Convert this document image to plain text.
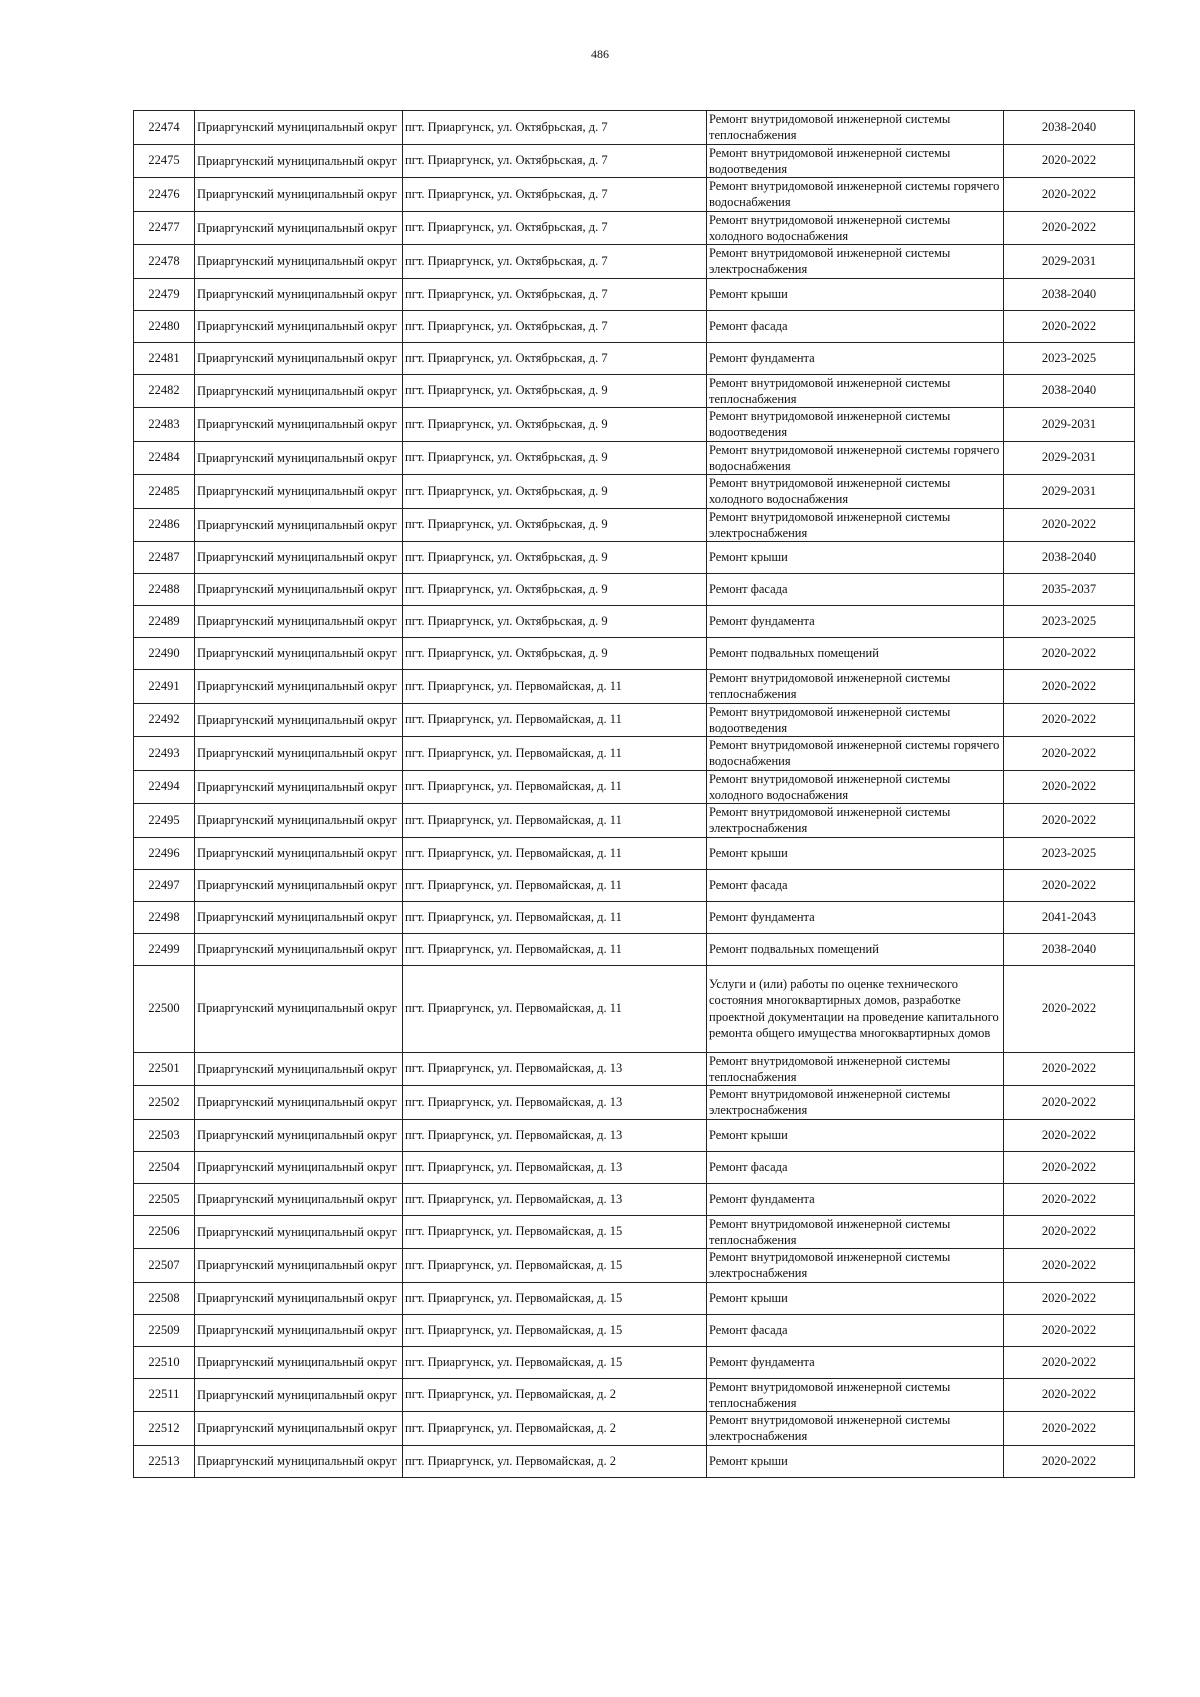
486
22474	Приаргунский муниципальный округ	пгт. Приаргунск, ул. Октябрьская, д. 7	Ремонт внутридомовой инженерной системы теплоснабжения	2038-2040
22475	Приаргунский муниципальный округ	пгт. Приаргунск, ул. Октябрьская, д. 7	Ремонт внутридомовой инженерной системы водоотведения	2020-2022
22476	Приаргунский муниципальный округ	пгт. Приаргунск, ул. Октябрьская, д. 7	Ремонт внутридомовой инженерной системы горячего водоснабжения	2020-2022
22477	Приаргунский муниципальный округ	пгт. Приаргунск, ул. Октябрьская, д. 7	Ремонт внутридомовой инженерной системы холодного водоснабжения	2020-2022
22478	Приаргунский муниципальный округ	пгт. Приаргунск, ул. Октябрьская, д. 7	Ремонт внутридомовой инженерной системы электроснабжения	2029-2031
22479	Приаргунский муниципальный округ	пгт. Приаргунск, ул. Октябрьская, д. 7	Ремонт крыши	2038-2040
22480	Приаргунский муниципальный округ	пгт. Приаргунск, ул. Октябрьская, д. 7	Ремонт фасада	2020-2022
22481	Приаргунский муниципальный округ	пгт. Приаргунск, ул. Октябрьская, д. 7	Ремонт фундамента	2023-2025
22482	Приаргунский муниципальный округ	пгт. Приаргунск, ул. Октябрьская, д. 9	Ремонт внутридомовой инженерной системы теплоснабжения	2038-2040
22483	Приаргунский муниципальный округ	пгт. Приаргунск, ул. Октябрьская, д. 9	Ремонт внутридомовой инженерной системы водоотведения	2029-2031
22484	Приаргунский муниципальный округ	пгт. Приаргунск, ул. Октябрьская, д. 9	Ремонт внутридомовой инженерной системы горячего водоснабжения	2029-2031
22485	Приаргунский муниципальный округ	пгт. Приаргунск, ул. Октябрьская, д. 9	Ремонт внутридомовой инженерной системы холодного водоснабжения	2029-2031
22486	Приаргунский муниципальный округ	пгт. Приаргунск, ул. Октябрьская, д. 9	Ремонт внутридомовой инженерной системы электроснабжения	2020-2022
22487	Приаргунский муниципальный округ	пгт. Приаргунск, ул. Октябрьская, д. 9	Ремонт крыши	2038-2040
22488	Приаргунский муниципальный округ	пгт. Приаргунск, ул. Октябрьская, д. 9	Ремонт фасада	2035-2037
22489	Приаргунский муниципальный округ	пгт. Приаргунск, ул. Октябрьская, д. 9	Ремонт фундамента	2023-2025
22490	Приаргунский муниципальный округ	пгт. Приаргунск, ул. Октябрьская, д. 9	Ремонт подвальных помещений	2020-2022
22491	Приаргунский муниципальный округ	пгт. Приаргунск, ул. Первомайская, д. 11	Ремонт внутридомовой инженерной системы теплоснабжения	2020-2022
22492	Приаргунский муниципальный округ	пгт. Приаргунск, ул. Первомайская, д. 11	Ремонт внутридомовой инженерной системы водоотведения	2020-2022
22493	Приаргунский муниципальный округ	пгт. Приаргунск, ул. Первомайская, д. 11	Ремонт внутридомовой инженерной системы горячего водоснабжения	2020-2022
22494	Приаргунский муниципальный округ	пгт. Приаргунск, ул. Первомайская, д. 11	Ремонт внутридомовой инженерной системы холодного водоснабжения	2020-2022
22495	Приаргунский муниципальный округ	пгт. Приаргунск, ул. Первомайская, д. 11	Ремонт внутридомовой инженерной системы электроснабжения	2020-2022
22496	Приаргунский муниципальный округ	пгт. Приаргунск, ул. Первомайская, д. 11	Ремонт крыши	2023-2025
22497	Приаргунский муниципальный округ	пгт. Приаргунск, ул. Первомайская, д. 11	Ремонт фасада	2020-2022
22498	Приаргунский муниципальный округ	пгт. Приаргунск, ул. Первомайская, д. 11	Ремонт фундамента	2041-2043
22499	Приаргунский муниципальный округ	пгт. Приаргунск, ул. Первомайская, д. 11	Ремонт подвальных помещений	2038-2040
22500	Приаргунский муниципальный округ	пгт. Приаргунск, ул. Первомайская, д. 11	Услуги и (или) работы по оценке технического состояния многоквартирных домов, разработке проектной документации на проведение капитального ремонта общего имущества многоквартирных домов	2020-2022
22501	Приаргунский муниципальный округ	пгт. Приаргунск, ул. Первомайская, д. 13	Ремонт внутридомовой инженерной системы теплоснабжения	2020-2022
22502	Приаргунский муниципальный округ	пгт. Приаргунск, ул. Первомайская, д. 13	Ремонт внутридомовой инженерной системы электроснабжения	2020-2022
22503	Приаргунский муниципальный округ	пгт. Приаргунск, ул. Первомайская, д. 13	Ремонт крыши	2020-2022
22504	Приаргунский муниципальный округ	пгт. Приаргунск, ул. Первомайская, д. 13	Ремонт фасада	2020-2022
22505	Приаргунский муниципальный округ	пгт. Приаргунск, ул. Первомайская, д. 13	Ремонт фундамента	2020-2022
22506	Приаргунский муниципальный округ	пгт. Приаргунск, ул. Первомайская, д. 15	Ремонт внутридомовой инженерной системы теплоснабжения	2020-2022
22507	Приаргунский муниципальный округ	пгт. Приаргунск, ул. Первомайская, д. 15	Ремонт внутридомовой инженерной системы электроснабжения	2020-2022
22508	Приаргунский муниципальный округ	пгт. Приаргунск, ул. Первомайская, д. 15	Ремонт крыши	2020-2022
22509	Приаргунский муниципальный округ	пгт. Приаргунск, ул. Первомайская, д. 15	Ремонт фасада	2020-2022
22510	Приаргунский муниципальный округ	пгт. Приаргунск, ул. Первомайская, д. 15	Ремонт фундамента	2020-2022
22511	Приаргунский муниципальный округ	пгт. Приаргунск, ул. Первомайская, д. 2	Ремонт внутридомовой инженерной системы теплоснабжения	2020-2022
22512	Приаргунский муниципальный округ	пгт. Приаргунск, ул. Первомайская, д. 2	Ремонт внутридомовой инженерной системы электроснабжения	2020-2022
22513	Приаргунский муниципальный округ	пгт. Приаргунск, ул. Первомайская, д. 2	Ремонт крыши	2020-2022
